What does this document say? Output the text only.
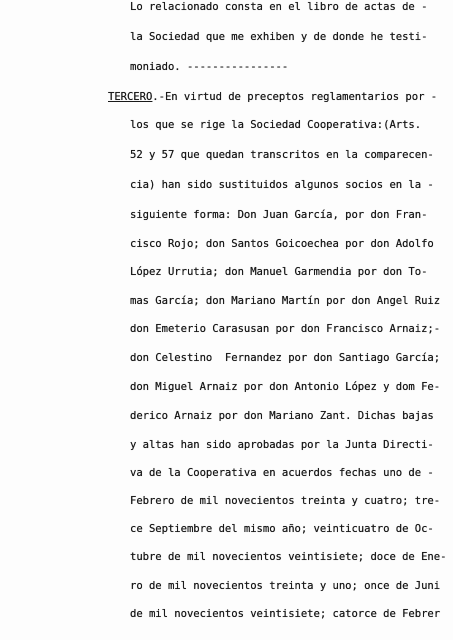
Lo relacionado consta en el libro de actas de -
la Sociedad que me exhiben y de donde he testi-
moniado. ----------------
TERCERO.-En virtud de preceptos reglamentarios por -
los que se rige la Sociedad Cooperativa:(Arts.
52 y 57 que quedan transcritos en la comparecen-
cia) han sido sustituidos algunos socios en la -
siguiente forma: Don Juan García, por don Fran-
cisco Rojo; don Santos Goicoechea por don Adolfo
López Urrutia; don Manuel Garmendia por don To-
mas García; don Mariano Martín por don Angel Ruiz
don Emeterio Carasusan por don Francisco Arnaiz;-
don Celestino  Fernandez por don Santiago García;
don Miguel Arnaiz por don Antonio López y dom Fe-
derico Arnaiz por don Mariano Zant. Dichas bajas
y altas han sido aprobadas por la Junta Directi-
va de la Cooperativa en acuerdos fechas uno de -
Febrero de mil novecientos treinta y cuatro; tre-
ce Septiembre del mismo año; veinticuatro de Oc-
tubre de mil novecientos veintisiete; doce de Ene-
ro de mil novecientos treinta y uno; once de Juni
de mil novecientos veintisiete; catorce de Febrer
